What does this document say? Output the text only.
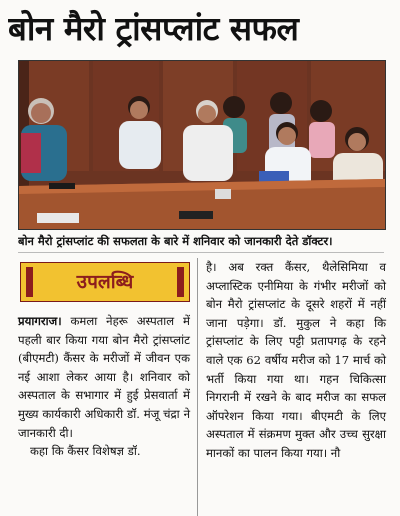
बोन मैरो ट्रांसप्लांट सफल
बोन मैरो ट्रांसप्लांट की सफलता के बारे में शनिवार को जानकारी देते डॉक्टर।
उपलब्धि

प्रयागराज। कमला नेहरू अस्पताल में पहली बार किया गया बोन मैरो ट्रांसप्लांट (बीएमटी) कैंसर के मरीजों में जीवन एक नई आशा लेकर आया है। शनिवार को अस्पताल के सभागार में हुई प्रेसवार्ता में मुख्य कार्यकारी अधिकारी डॉ. मंजू चंद्रा ने जानकारी दी।

कहा कि कैंसर विशेषज्ञ डॉ.

है। अब रक्त कैंसर, थैलेसिमिया व अप्लास्टिक एनीमिया के गंभीर मरीजों को बोन मैरो ट्रांसप्लांट के दूसरे शहरों में नहीं जाना पड़ेगा। डॉ. मुकुल ने कहा कि ट्रांसप्लांट के लिए पट्टी प्रतापगढ़ के रहने वाले एक 62 वर्षीय मरीज को 17 मार्च को भर्ती किया गया था। गहन चिकित्सा निगरानी में रखने के बाद मरीज का सफल ऑपरेशन किया गया। बीएमटी के लिए अस्पताल में संक्रमण मुक्त और उच्च सुरक्षा मानकों का पालन किया गया। नौ
